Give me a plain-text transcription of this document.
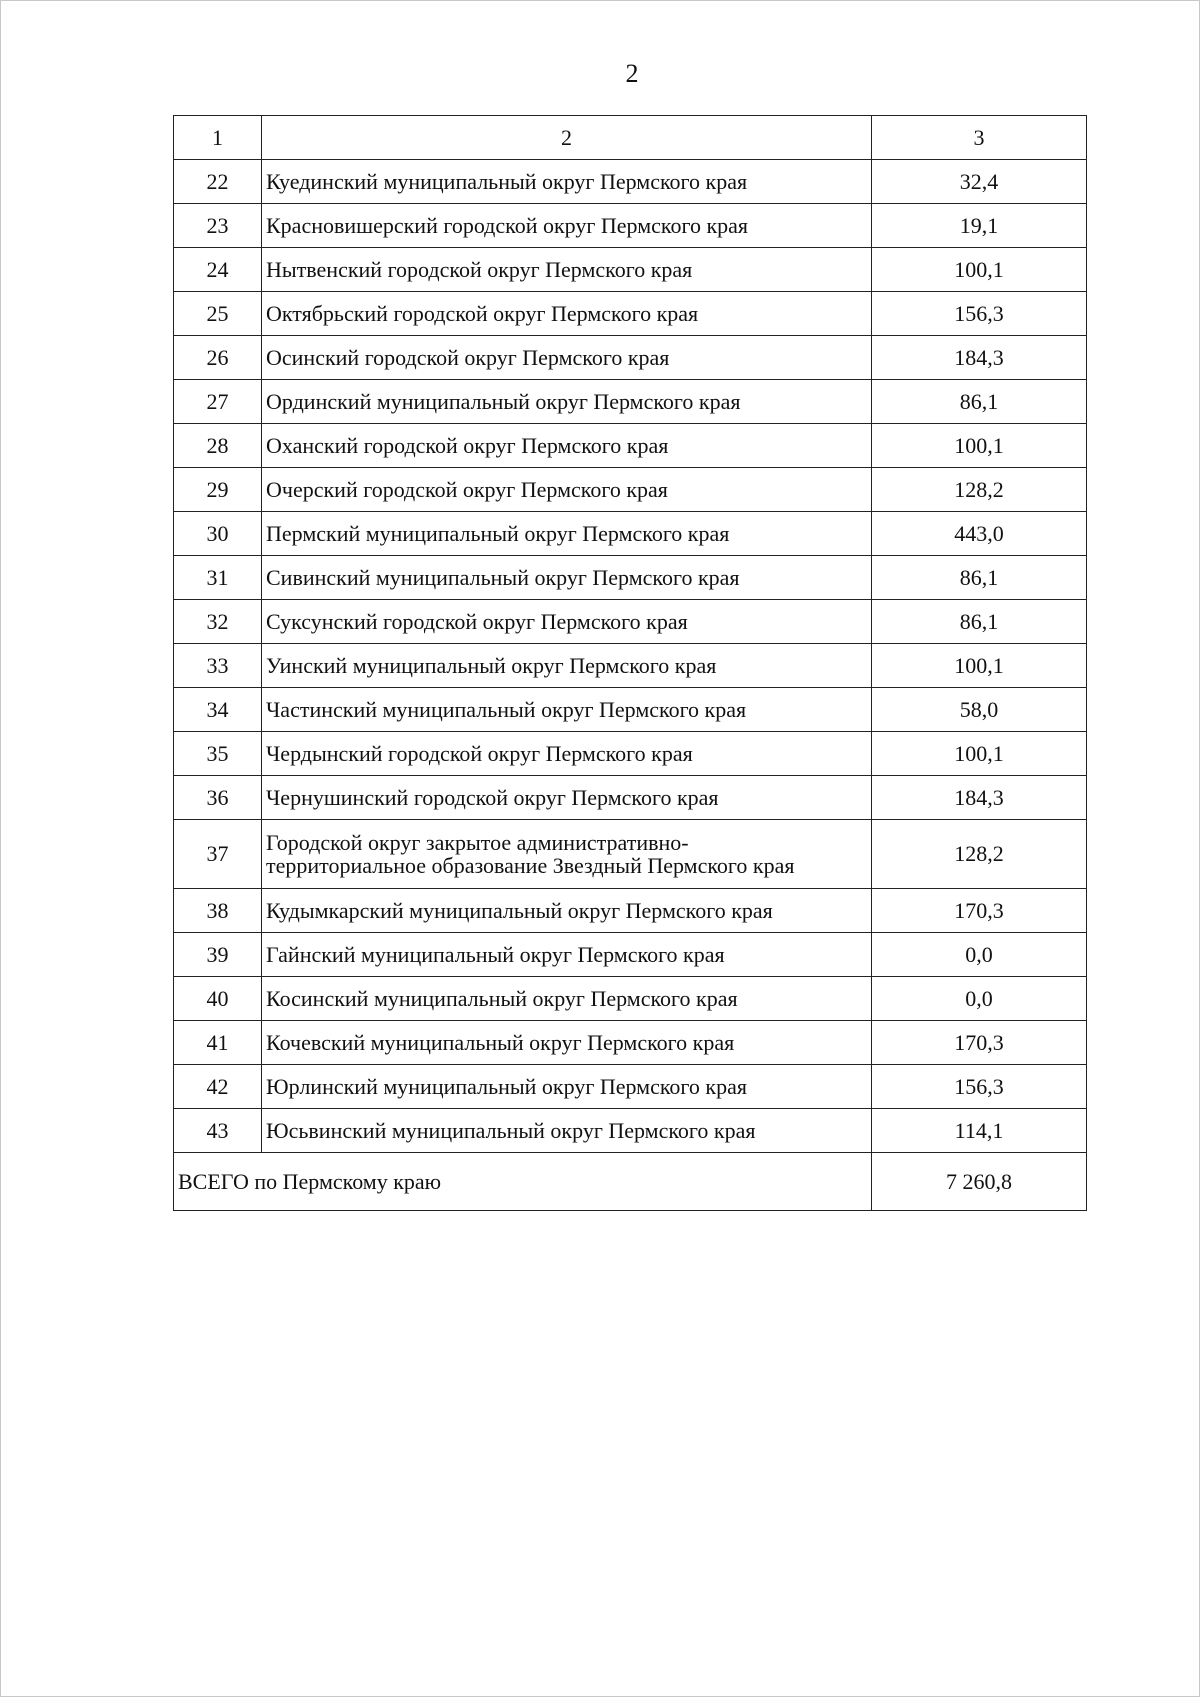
2
1	2	3
22	Куединский муниципальный округ Пермского края	32,4
23	Красновишерский городской округ Пермского края	19,1
24	Нытвенский городской округ Пермского края	100,1
25	Октябрьский городской округ Пермского края	156,3
26	Осинский городской округ Пермского края	184,3
27	Ординский муниципальный округ Пермского края	86,1
28	Оханский городской округ Пермского края	100,1
29	Очерский городской округ Пермского края	128,2
30	Пермский муниципальный округ Пермского края	443,0
31	Сивинский муниципальный округ Пермского края	86,1
32	Суксунский городской округ Пермского края	86,1
33	Уинский муниципальный округ Пермского края	100,1
34	Частинский муниципальный округ Пермского края	58,0
35	Чердынский городской округ Пермского края	100,1
36	Чернушинский городской округ Пермского края	184,3
37	Городской округ закрытое административно-
территориальное образование Звездный Пермского края	128,2
38	Кудымкарский муниципальный округ Пермского края	170,3
39	Гайнский муниципальный округ Пермского края	0,0
40	Косинский муниципальный округ Пермского края	0,0
41	Кочевский муниципальный округ Пермского края	170,3
42	Юрлинский муниципальный округ Пермского края	156,3
43	Юсьвинский муниципальный округ Пермского края	114,1
ВСЕГО по Пермскому краю		7 260,8
